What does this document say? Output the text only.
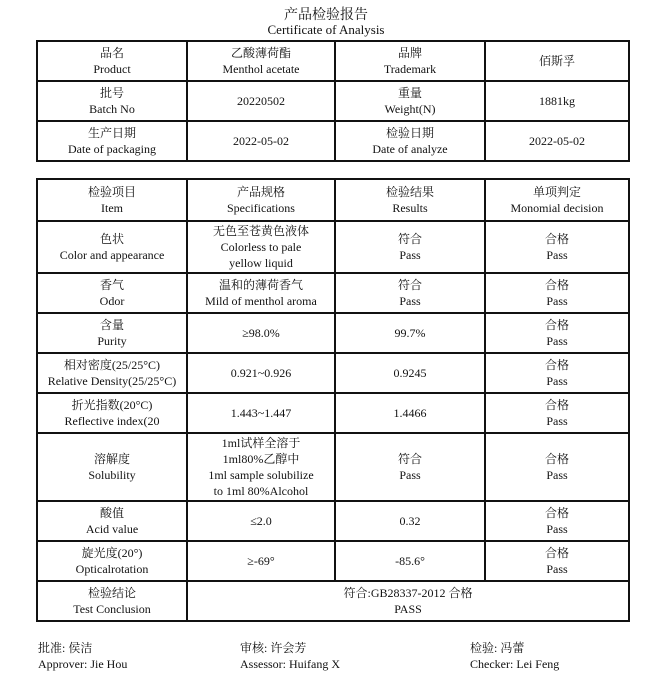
产品检验报告
Certificate of Analysis
品名
Product	乙酸薄荷酯
Menthol acetate	品牌
Trademark	佰斯孚

批号
Batch No	20220502	重量
Weight(N)	1881kg

生产日期
Date of packaging	2022-05-02	检验日期
Date of analyze	2022-05-02
检验项目
Item	产品规格
Specifications	检验结果
Results	单项判定
Monomial decision

色状
Color and appearance	无色至苍黄色液体
Colorless to pale
yellow liquid	符合
Pass	合格
Pass

香气
Odor	温和的薄荷香气
Mild of menthol aroma	符合
Pass	合格
Pass

含量
Purity	≥98.0%	99.7%	合格
Pass

相对密度(25/25°C)
Relative Density(25/25°C)	0.921~0.926	0.9245	合格
Pass

折光指数(20°C)
Reflective index(20	1.443~1.447	1.4466	合格
Pass

溶解度
Solubility	1ml试样全溶于
1ml80%乙醇中
1ml sample solubilize
to 1ml 80%Alcohol	符合
Pass	合格
Pass

酸值
Acid value	≤2.0	0.32	合格
Pass

旋光度(20°)
Opticalrotation	≥-69°	-85.6°	合格
Pass

检验结论
Test Conclusion	符合:GB28337-2012 合格
PASS		
批准: 侯洁
Approver: Jie Hou
审核: 许会芳
Assessor: Huifang X
检验: 冯蕾
Checker: Lei Feng
